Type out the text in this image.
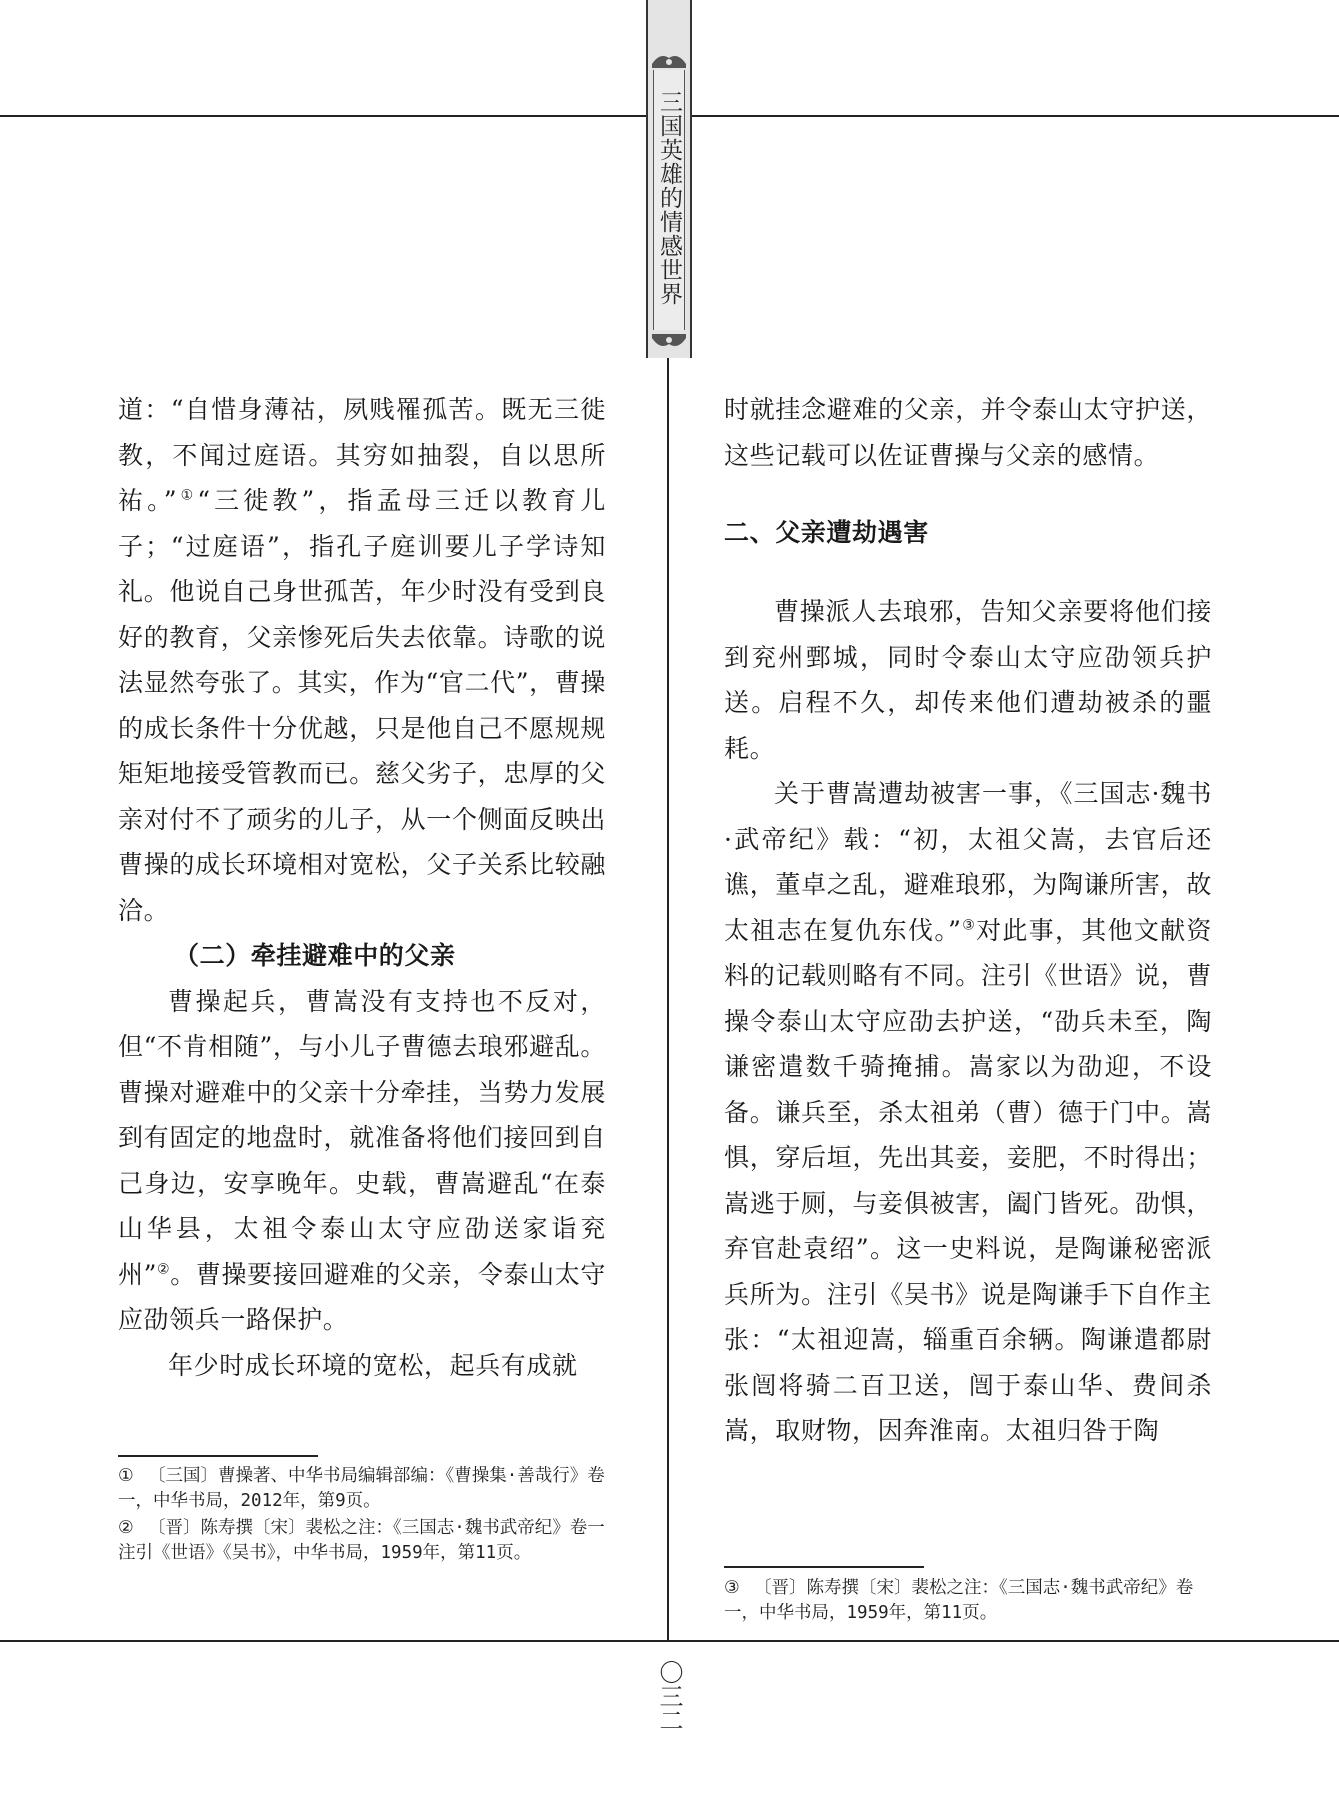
三国英雄的情感世界

道：“自惜身薄祜，夙贱罹孤苦。既无三徙教，不闻过庭语。其穷如抽裂，自以思所祐。”①“三徙教”，指孟母三迁以教育儿子；“过庭语”，指孔子庭训要儿子学诗知礼。他说自己身世孤苦，年少时没有受到良好的教育，父亲惨死后失去依靠。诗歌的说法显然夸张了。其实，作为“官二代”，曹操的成长条件十分优越，只是他自己不愿规规矩矩地接受管教而已。慈父劣子，忠厚的父亲对付不了顽劣的儿子，从一个侧面反映出曹操的成长环境相对宽松，父子关系比较融洽。

（二）牵挂避难中的父亲

曹操起兵，曹嵩没有支持也不反对，但“不肯相随”，与小儿子曹德去琅邪避乱。曹操对避难中的父亲十分牵挂，当势力发展到有固定的地盘时，就准备将他们接回到自己身边，安享晚年。史载，曹嵩避乱“在泰山华县，太祖令泰山太守应劭送家诣兖州”②。曹操要接回避难的父亲，令泰山太守应劭领兵一路保护。

年少时成长环境的宽松，起兵有成就

时就挂念避难的父亲，并令泰山太守护送，这些记载可以佐证曹操与父亲的感情。

二、父亲遭劫遇害

曹操派人去琅邪，告知父亲要将他们接到兖州鄄城，同时令泰山太守应劭领兵护送。启程不久，却传来他们遭劫被杀的噩耗。

关于曹嵩遭劫被害一事，《三国志·魏书·武帝纪》载：“初，太祖父嵩，去官后还谯，董卓之乱，避难琅邪，为陶谦所害，故太祖志在复仇东伐。”③对此事，其他文献资料的记载则略有不同。注引《世语》说，曹操令泰山太守应劭去护送，“劭兵未至，陶谦密遣数千骑掩捕。嵩家以为劭迎，不设备。谦兵至，杀太祖弟（曹）德于门中。嵩惧，穿后垣，先出其妾，妾肥，不时得出；嵩逃于厕，与妾俱被害，阖门皆死。劭惧，弃官赴袁绍”。这一史料说，是陶谦秘密派兵所为。注引《吴书》说是陶谦手下自作主张：“太祖迎嵩，辎重百余辆。陶谦遣都尉张闿将骑二百卫送，闿于泰山华、费间杀嵩，取财物，因奔淮南。太祖归咎于陶

① 〔三国〕曹操著、中华书局编辑部编：《曹操集·善哉行》卷一，中华书局，2012年，第9页。
② 〔晋〕陈寿撰〔宋〕裴松之注：《三国志·魏书武帝纪》卷一注引《世语》《吴书》，中华书局，1959年，第11页。
③ 〔晋〕陈寿撰〔宋〕裴松之注：《三国志·魏书武帝纪》卷一，中华书局，1959年，第11页。
〇三二
